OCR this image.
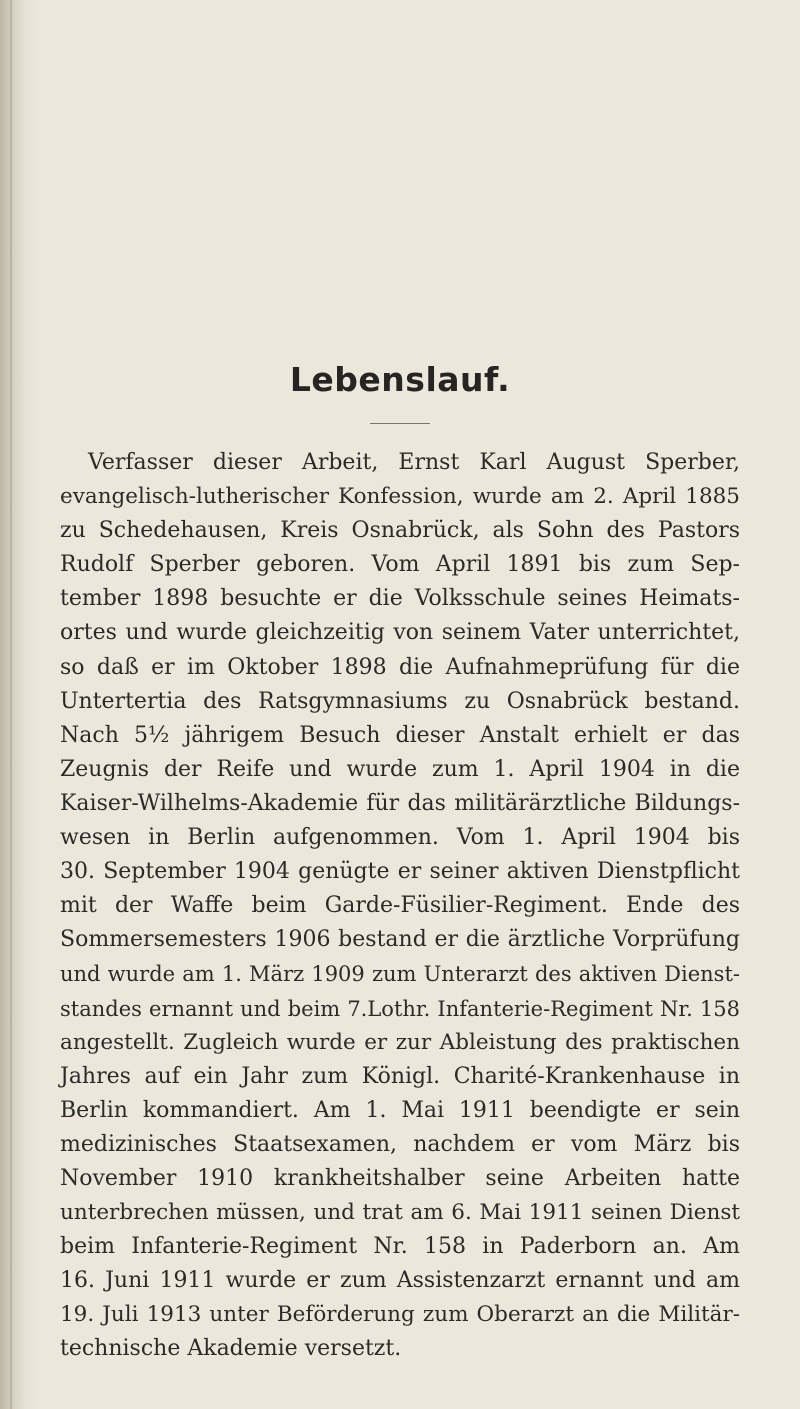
Lebenslauf.
Verfasser dieser Arbeit, Ernst Karl August Sperber,
evangelisch-lutherischer Konfession, wurde am 2. April 1885
zu Schedehausen, Kreis Osnabrück, als Sohn des Pastors
Rudolf Sperber geboren. Vom April 1891 bis zum Sep-
tember 1898 besuchte er die Volksschule seines Heimats-
ortes und wurde gleichzeitig von seinem Vater unterrichtet,
so daß er im Oktober 1898 die Aufnahmeprüfung für die
Untertertia des Ratsgymnasiums zu Osnabrück bestand.
Nach 5½ jährigem Besuch dieser Anstalt erhielt er das
Zeugnis der Reife und wurde zum 1. April 1904 in die
Kaiser-Wilhelms-Akademie für das militärärztliche Bildungs-
wesen in Berlin aufgenommen. Vom 1. April 1904 bis
30. September 1904 genügte er seiner aktiven Dienstpflicht
mit der Waffe beim Garde-Füsilier-Regiment. Ende des
Sommersemesters 1906 bestand er die ärztliche Vorprüfung
und wurde am 1. März 1909 zum Unterarzt des aktiven Dienst-
standes ernannt und beim 7.Lothr. Infanterie-Regiment Nr. 158
angestellt. Zugleich wurde er zur Ableistung des praktischen
Jahres auf ein Jahr zum Königl. Charité-Krankenhause in
Berlin kommandiert. Am 1. Mai 1911 beendigte er sein
medizinisches Staatsexamen, nachdem er vom März bis
November 1910 krankheitshalber seine Arbeiten hatte
unterbrechen müssen, und trat am 6. Mai 1911 seinen Dienst
beim Infanterie-Regiment Nr. 158 in Paderborn an. Am
16. Juni 1911 wurde er zum Assistenzarzt ernannt und am
19. Juli 1913 unter Beförderung zum Oberarzt an die Militär-
technische Akademie versetzt.
